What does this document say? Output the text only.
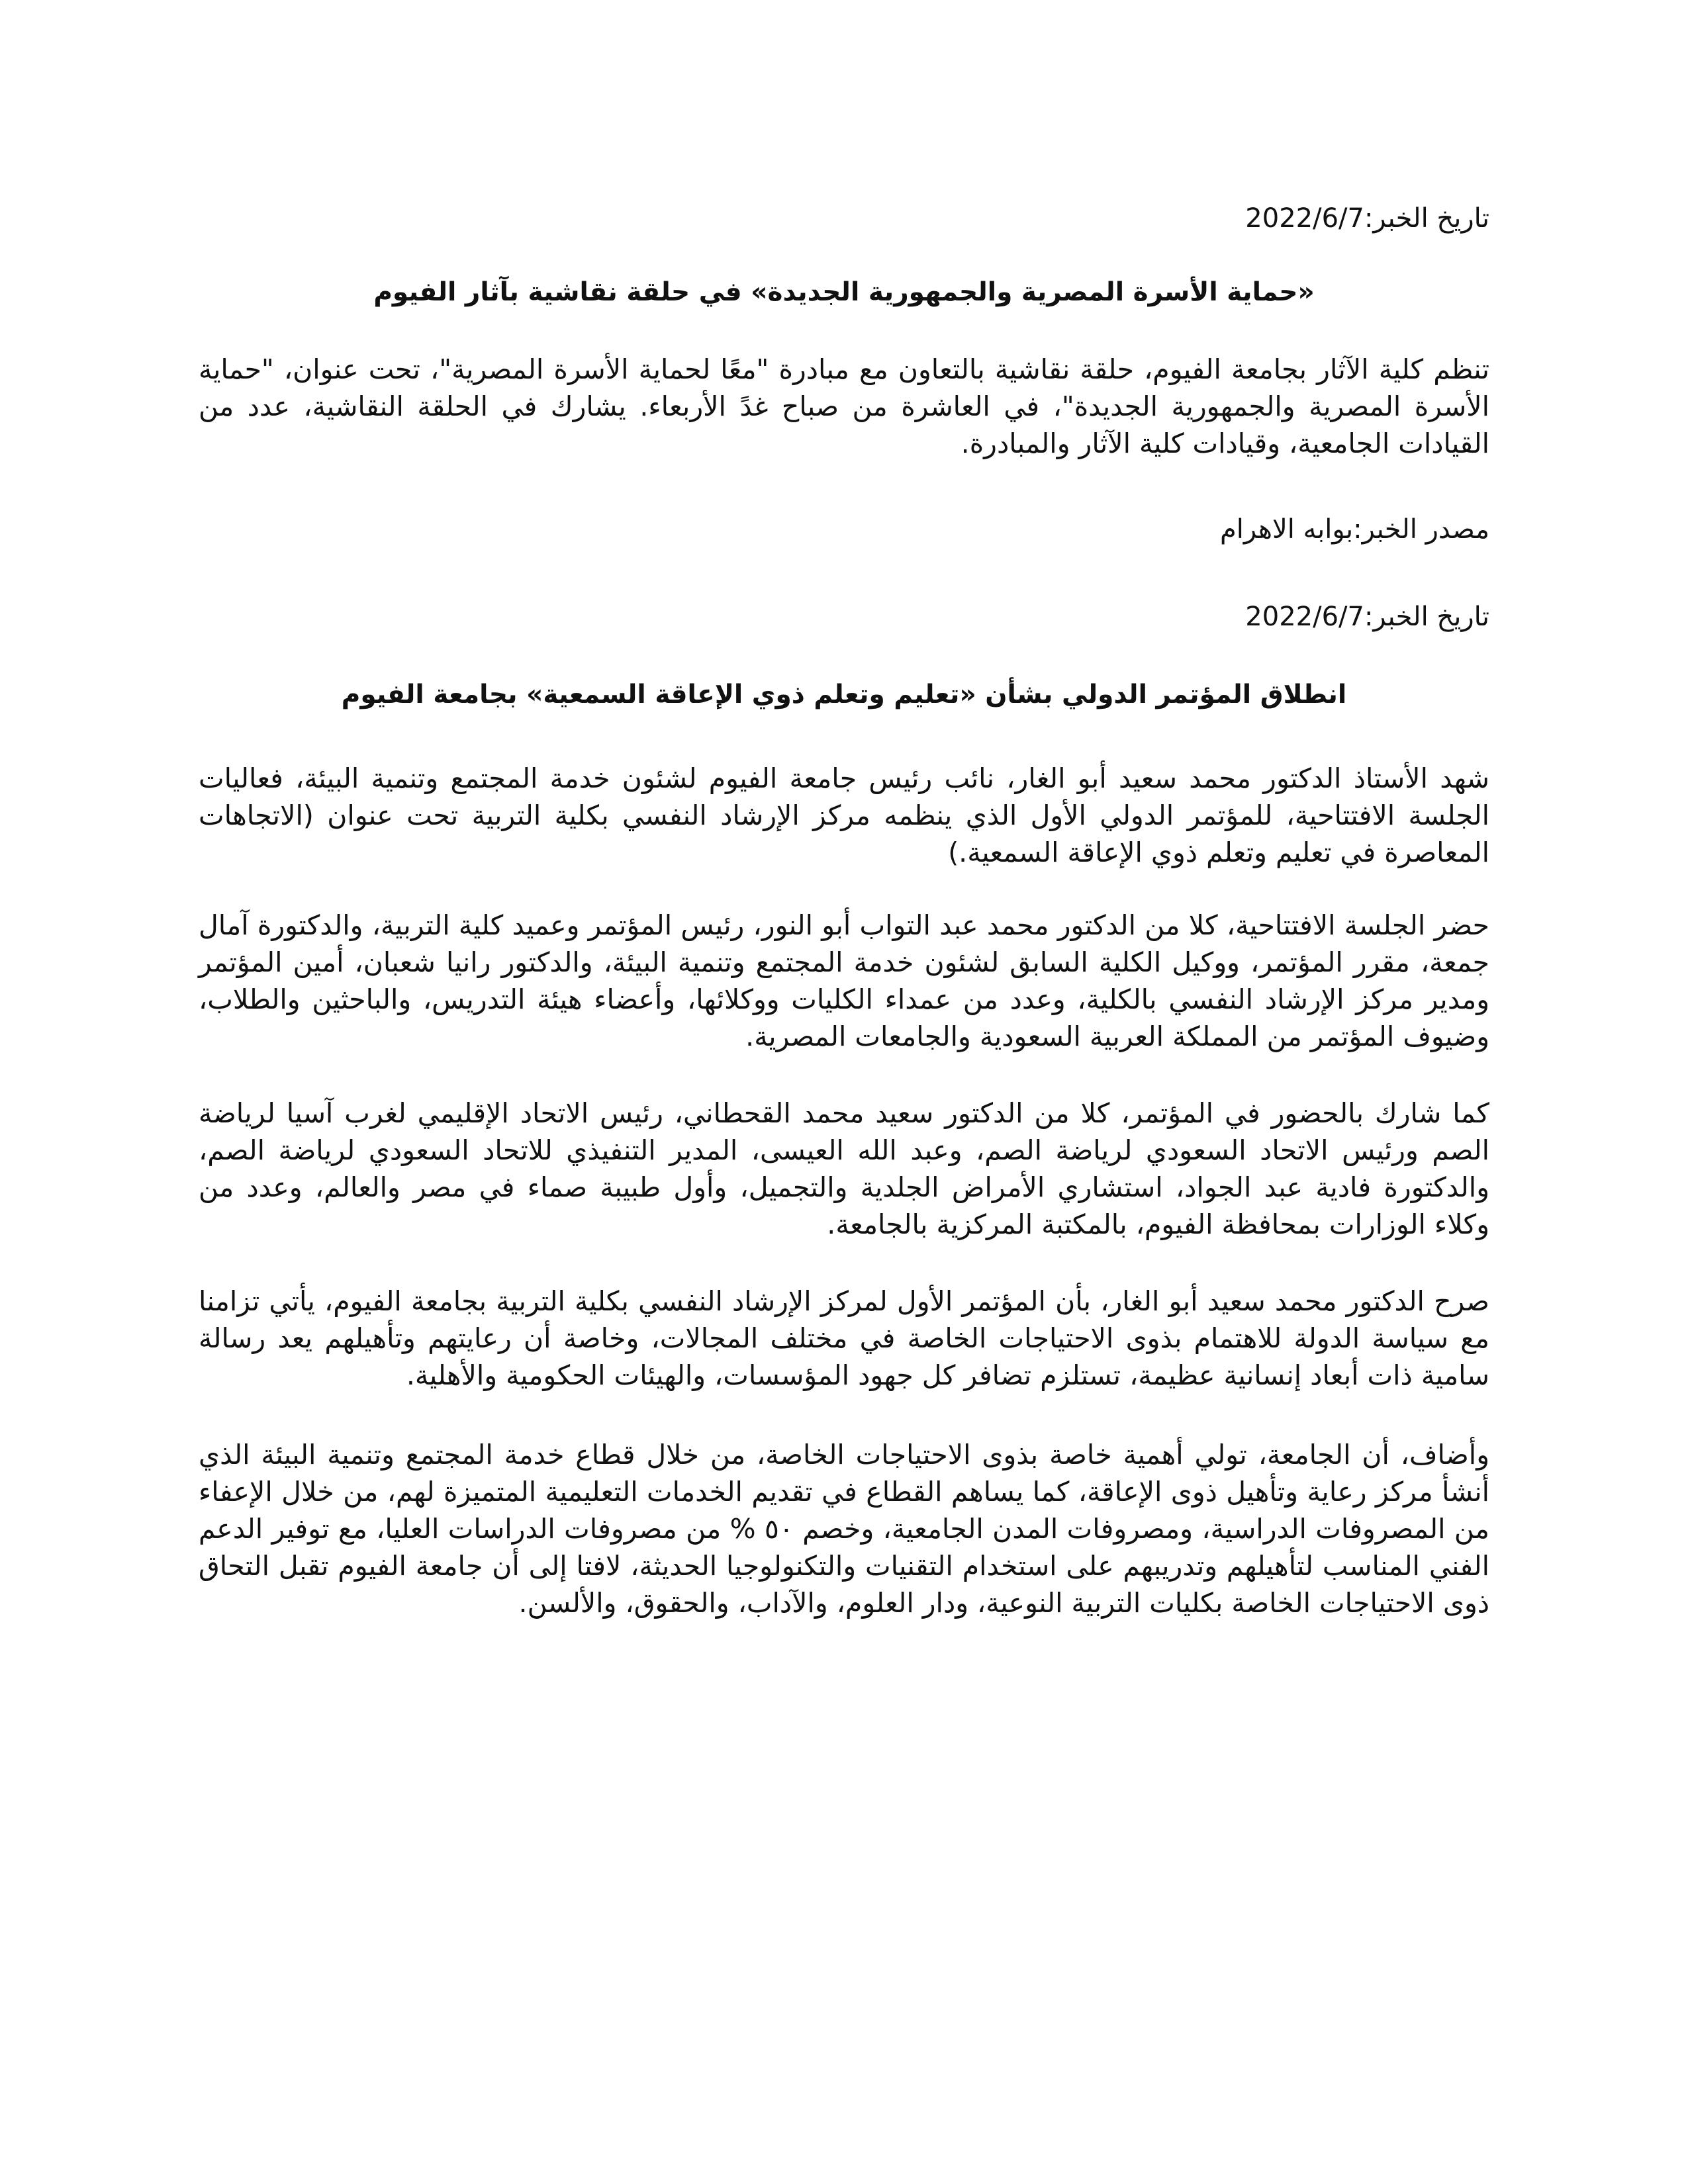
تاريخ الخبر:2022/6/7

«حماية الأسرة المصرية والجمهورية الجديدة» في حلقة نقاشية بآثار الفيوم

تنظم كلية الآثار بجامعة الفيوم، حلقة نقاشية بالتعاون مع مبادرة "معًا لحماية الأسرة المصرية"، تحت عنوان، "حماية الأسرة المصرية والجمهورية الجديدة"، في العاشرة من صباح غدً الأربعاء. يشارك في الحلقة النقاشية، عدد من القيادات الجامعية، وقيادات كلية الآثار والمبادرة.

مصدر الخبر:بوابه الاهرام

تاريخ الخبر:2022/6/7

انطلاق المؤتمر الدولي بشأن «تعليم وتعلم ذوي الإعاقة السمعية» بجامعة الفيوم

شهد الأستاذ الدكتور محمد سعيد أبو الغار، نائب رئيس جامعة الفيوم لشئون خدمة المجتمع وتنمية البيئة، فعاليات الجلسة الافتتاحية، للمؤتمر الدولي الأول الذي ينظمه مركز الإرشاد النفسي بكلية التربية تحت عنوان (الاتجاهات المعاصرة في تعليم وتعلم ذوي الإعاقة السمعية.)

حضر الجلسة الافتتاحية، كلا من الدكتور محمد عبد التواب أبو النور، رئيس المؤتمر وعميد كلية التربية، والدكتورة آمال جمعة، مقرر المؤتمر، ووكيل الكلية السابق لشئون خدمة المجتمع وتنمية البيئة، والدكتور رانيا شعبان، أمين المؤتمر ومدير مركز الإرشاد النفسي بالكلية، وعدد من عمداء الكليات ووكلائها، وأعضاء هيئة التدريس، والباحثين والطلاب، وضيوف المؤتمر من المملكة العربية السعودية والجامعات المصرية.

كما شارك بالحضور في المؤتمر، كلا من الدكتور سعيد محمد القحطاني، رئيس الاتحاد الإقليمي لغرب آسيا لرياضة الصم ورئيس الاتحاد السعودي لرياضة الصم، وعبد الله العيسى، المدير التنفيذي للاتحاد السعودي لرياضة الصم، والدكتورة فادية عبد الجواد، استشاري الأمراض الجلدية والتجميل، وأول طبيبة صماء في مصر والعالم، وعدد من وكلاء الوزارات بمحافظة الفيوم، بالمكتبة المركزية بالجامعة.

صرح الدكتور محمد سعيد أبو الغار، بأن المؤتمر الأول لمركز الإرشاد النفسي بكلية التربية بجامعة الفيوم، يأتي تزامنا مع سياسة الدولة للاهتمام بذوى الاحتياجات الخاصة في مختلف المجالات، وخاصة أن رعايتهم وتأهيلهم يعد رسالة سامية ذات أبعاد إنسانية عظيمة، تستلزم تضافر كل جهود المؤسسات، والهيئات الحكومية والأهلية.

وأضاف، أن الجامعة، تولي أهمية خاصة بذوى الاحتياجات الخاصة، من خلال قطاع خدمة المجتمع وتنمية البيئة الذي أنشأ مركز رعاية وتأهيل ذوى الإعاقة، كما يساهم القطاع في تقديم الخدمات التعليمية المتميزة لهم، من خلال الإعفاء من المصروفات الدراسية، ومصروفات المدن الجامعية، وخصم ٥٠ % من مصروفات الدراسات العليا، مع توفير الدعم الفني المناسب لتأهيلهم وتدريبهم على استخدام التقنيات والتكنولوجيا الحديثة، لافتا إلى أن جامعة الفيوم تقبل التحاق ذوى الاحتياجات الخاصة بكليات التربية النوعية، ودار العلوم، والآداب، والحقوق، والألسن.
